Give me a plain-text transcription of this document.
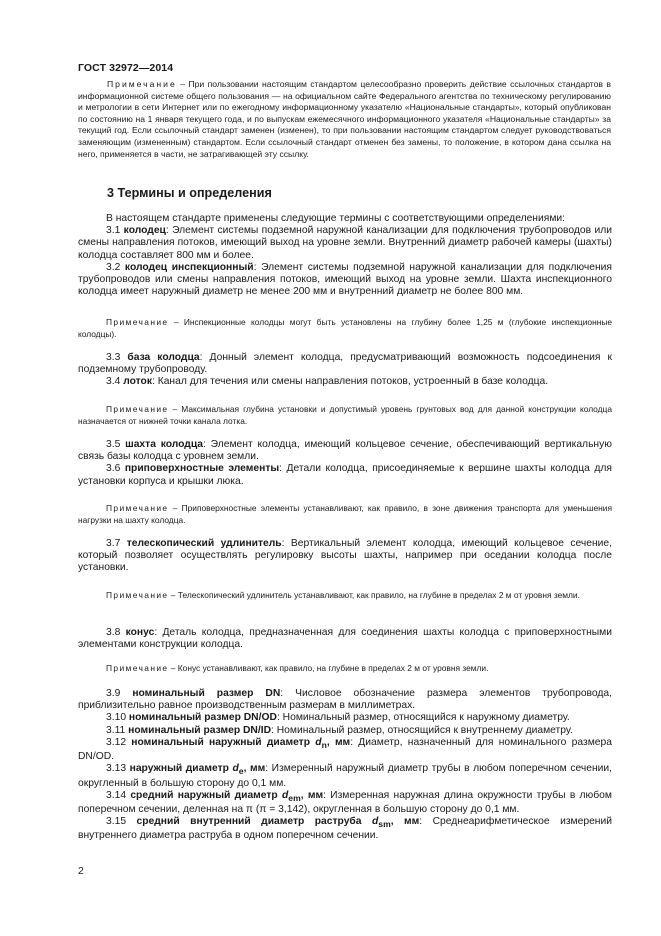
ГОСТ 32972—2014
Примечание – При пользовании настоящим стандартом целесообразно проверить действие ссылочных стандартов в информационной системе общего пользования — на официальном сайте Федерального агентства по техническому регулированию и метрологии в сети Интернет или по ежегодному информационному указателю «Национальные стандарты», который опубликован по состоянию на 1 января текущего года, и по выпускам ежемесячного информационного указателя «Национальные стандарты» за текущий год. Если ссылочный стандарт заменен (изменен), то при пользовании настоящим стандартом следует руководствоваться заменяющим (измененным) стандартом. Если ссылочный стандарт отменен без замены, то положение, в котором дана ссылка на него, применяется в части, не затрагивающей эту ссылку.
3 Термины и определения
В настоящем стандарте применены следующие термины с соответствующими определениями:
3.1 колодец: Элемент системы подземной наружной канализации для подключения трубопроводов или смены направления потоков, имеющий выход на уровне земли. Внутренний диаметр рабочей камеры (шахты) колодца составляет 800 мм и более.
3.2 колодец инспекционный: Элемент системы подземной наружной канализации для подключения трубопроводов или смены направления потоков, имеющий выход на уровне земли. Шахта инспекционного колодца имеет наружный диаметр не менее 200 мм и внутренний диаметр не более 800 мм.
Примечание – Инспекционные колодцы могут быть установлены на глубину более 1,25 м (глубокие инспекционные колодцы).
3.3 база колодца: Донный элемент колодца, предусматривающий возможность подсоединения к подземному трубопроводу.
3.4 лоток: Канал для течения или смены направления потоков, устроенный в базе колодца.
Примечание – Максимальная глубина установки и допустимый уровень грунтовых вод для данной конструкции колодца назначается от нижней точки канала лотка.
3.5 шахта колодца: Элемент колодца, имеющий кольцевое сечение, обеспечивающий вертикальную связь базы колодца с уровнем земли.
3.6 приповерхностные элементы: Детали колодца, присоединяемые к вершине шахты колодца для установки корпуса и крышки люка.
Примечание – Приповерхностные элементы устанавливают, как правило, в зоне движения транспорта для уменьшения нагрузки на шахту колодца.
3.7 телескопический удлинитель: Вертикальный элемент колодца, имеющий кольцевое сечение, который позволяет осуществлять регулировку высоты шахты, например при оседании колодца после установки.
Примечание – Телескопический удлинитель устанавливают, как правило, на глубине в пределах 2 м от уровня земли.
3.8 конус: Деталь колодца, предназначенная для соединения шахты колодца с приповерхностными элементами конструкции колодца.
Примечание – Конус устанавливают, как правило, на глубине в пределах 2 м от уровня земли.
3.9 номинальный размер DN: Числовое обозначение размера элементов трубопровода, приблизительно равное производственным размерам в миллиметрах.
3.10 номинальный размер DN/OD: Номинальный размер, относящийся к наружному диаметру.
3.11 номинальный размер DN/ID: Номинальный размер, относящийся к внутреннему диаметру.
3.12 номинальный наружный диаметр $d_n$, мм: Диаметр, назначенный для номинального размера DN/OD.
3.13 наружный диаметр $d_e$, мм: Измеренный наружный диаметр трубы в любом поперечном сечении, округленный в большую сторону до 0,1 мм.
3.14 средний наружный диаметр $d_{em}$, мм: Измеренная наружная длина окружности трубы в любом поперечном сечении, деленная на π (π = 3,142), округленная в большую сторону до 0,1 мм.
3.15 средний внутренний диаметр раструба $d_{sm}$, мм: Среднеарифметическое измерений внутреннего диаметра раструба в одном поперечном сечении.
2
